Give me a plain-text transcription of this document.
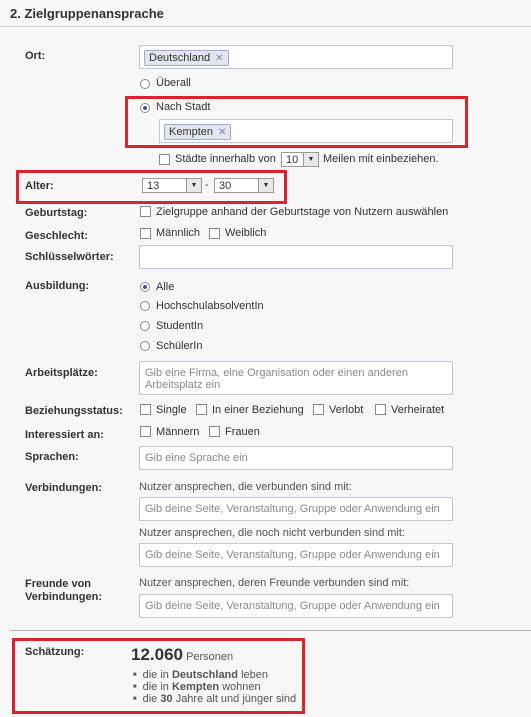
2. Zielgruppenansprache
Ort:	Deutschland ✕
Überall
Nach Stadt
Kempten ✕
Städte innerhalb von 10	▼ Meilen mit einbeziehen.
Alter:	13	▼ - 30	▼
Geburtstag:	Zielgruppe anhand der Geburtstage von Nutzern auswählen
Geschlecht:	Männlich Weiblich
Schlüsselwörter:
Ausbildung:	Alle
HochschulabsolventIn
StudentIn
SchülerIn
Arbeitsplätze:	Gib eine Firma, eine Organisation oder einen anderen
Arbeitsplatz ein
Beziehungsstatus:	Single In einer Beziehung Verlobt	Verheiratet
Interessiert an:	Männern Frauen
Sprachen:	Gib eine Sprache ein
Verbindungen:	Nutzer ansprechen, die verbunden sind mit:
Gib deine Seite, Veranstaltung, Gruppe oder Anwendung ein
Nutzer ansprechen, die noch nicht verbunden sind mit:
Gib deine Seite, Veranstaltung, Gruppe oder Anwendung ein
Freunde von
Verbindungen:
Nutzer ansprechen, deren Freunde verbunden sind mit:
Gib deine Seite, Veranstaltung, Gruppe oder Anwendung ein
Schätzung:	12.060 Personen
■ die in Deutschland leben
■ die in Kempten wohnen
■ die 30 Jahre alt und jünger sind
